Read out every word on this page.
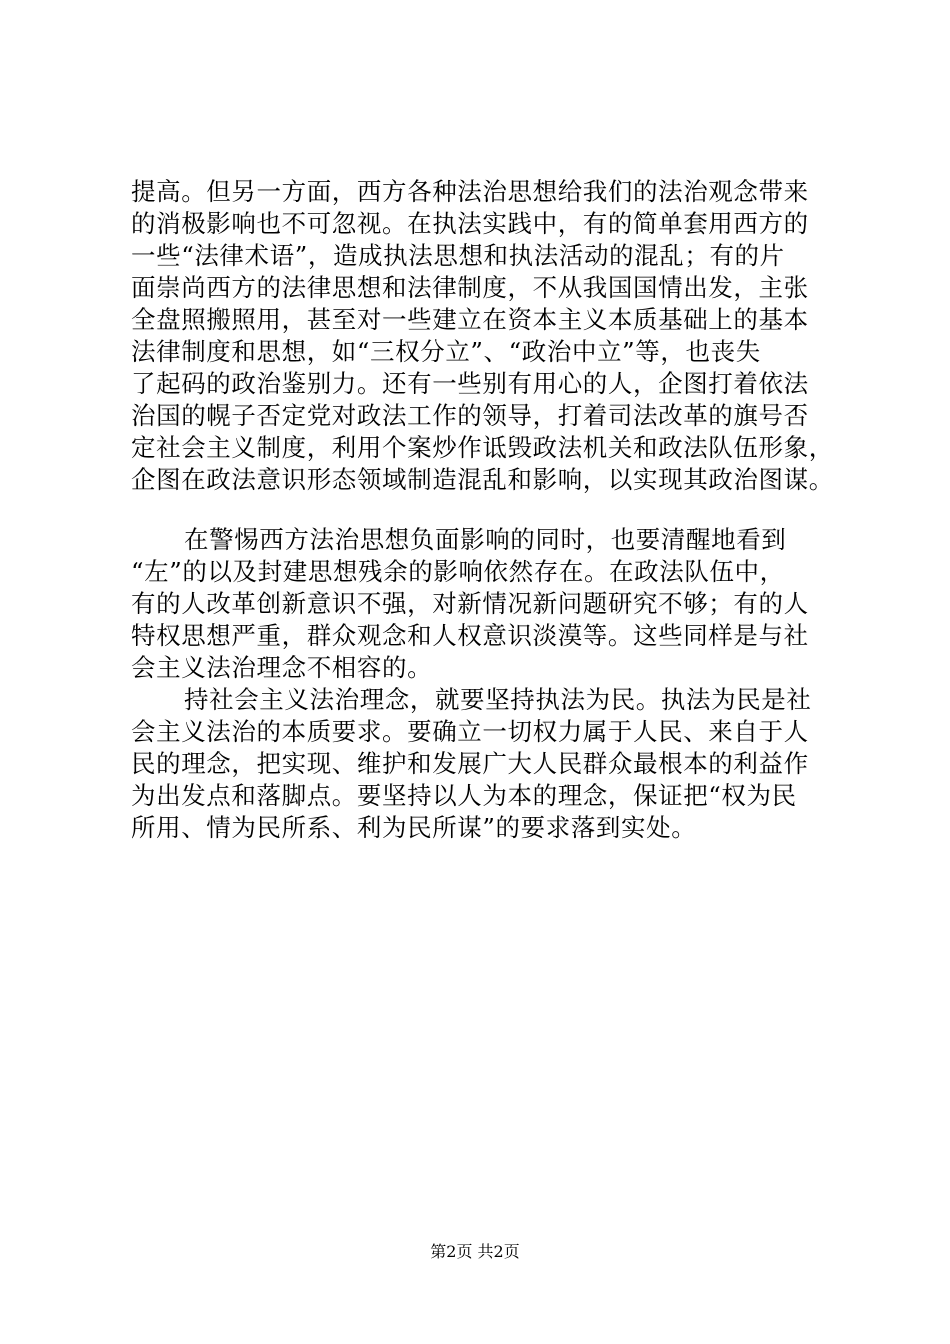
提高。但另一方面，西方各种法治思想给我们的法治观念带来
的消极影响也不可忽视。在执法实践中，有的简单套用西方的
一些“法律术语”，造成执法思想和执法活动的混乱；有的片
面崇尚西方的法律思想和法律制度，不从我国国情出发，主张
全盘照搬照用，甚至对一些建立在资本主义本质基础上的基本
法律制度和思想，如“三权分立”、“政治中立”等，也丧失
了起码的政治鉴别力。还有一些别有用心的人，企图打着依法
治国的幌子否定党对政法工作的领导，打着司法改革的旗号否
定社会主义制度，利用个案炒作诋毁政法机关和政法队伍形象，
企图在政法意识形态领域制造混乱和影响，以实现其政治图谋。
在警惕西方法治思想负面影响的同时，也要清醒地看到
“左”的以及封建思想残余的影响依然存在。在政法队伍中，
有的人改革创新意识不强，对新情况新问题研究不够；有的人
特权思想严重，群众观念和人权意识淡漠等。这些同样是与社
会主义法治理念不相容的。
持社会主义法治理念，就要坚持执法为民。执法为民是社
会主义法治的本质要求。要确立一切权力属于人民、来自于人
民的理念，把实现、维护和发展广大人民群众最根本的利益作
为出发点和落脚点。要坚持以人为本的理念，保证把“权为民
所用、情为民所系、利为民所谋”的要求落到实处。
第2页 共2页
